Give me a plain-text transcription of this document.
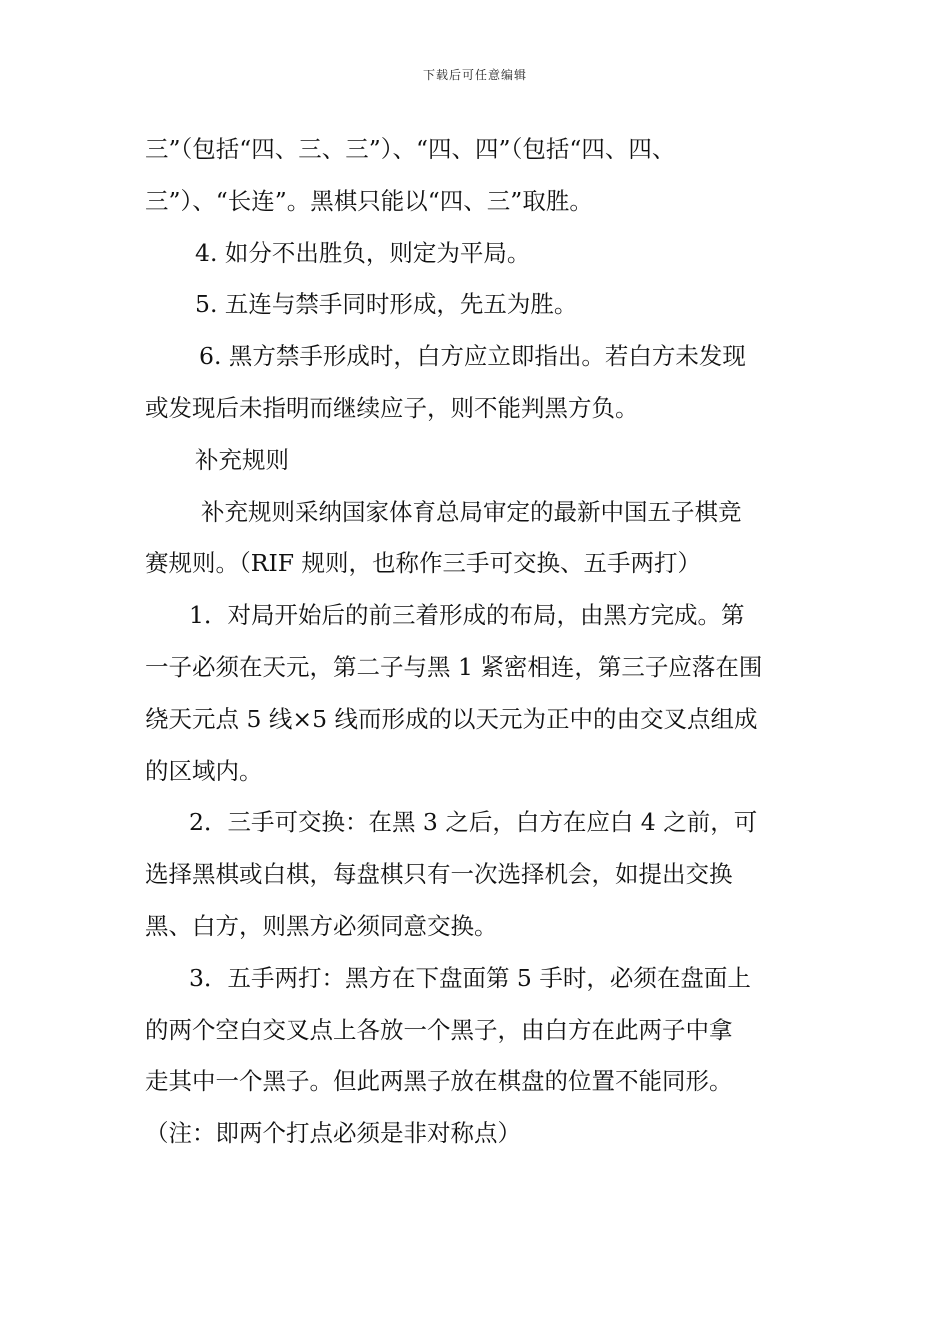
下载后可任意编辑
三”（包括“四、三、三”）、“四、四”（包括“四、四、
三”）、“长连”。黑棋只能以“四、三”取胜。
4. 如分不出胜负，则定为平局。
5. 五连与禁手同时形成，先五为胜。
6. 黑方禁手形成时，白方应立即指出。若白方未发现
或发现后未指明而继续应子，则不能判黑方负。
补充规则
补充规则采纳国家体育总局审定的最新中国五子棋竞
赛规则。（RIF 规则，也称作三手可交换、五手两打）
1．对局开始后的前三着形成的布局，由黑方完成。第
一子必须在天元，第二子与黑 1 紧密相连，第三子应落在围
绕天元点 5 线×5 线而形成的以天元为正中的由交叉点组成
的区域内。
2．三手可交换：在黑 3 之后，白方在应白 4 之前，可
选择黑棋或白棋，每盘棋只有一次选择机会，如提出交换
黑、白方，则黑方必须同意交换。
3．五手两打：黑方在下盘面第 5 手时，必须在盘面上
的两个空白交叉点上各放一个黑子，由白方在此两子中拿
走其中一个黑子。但此两黑子放在棋盘的位置不能同形。
（注：即两个打点必须是非对称点）
